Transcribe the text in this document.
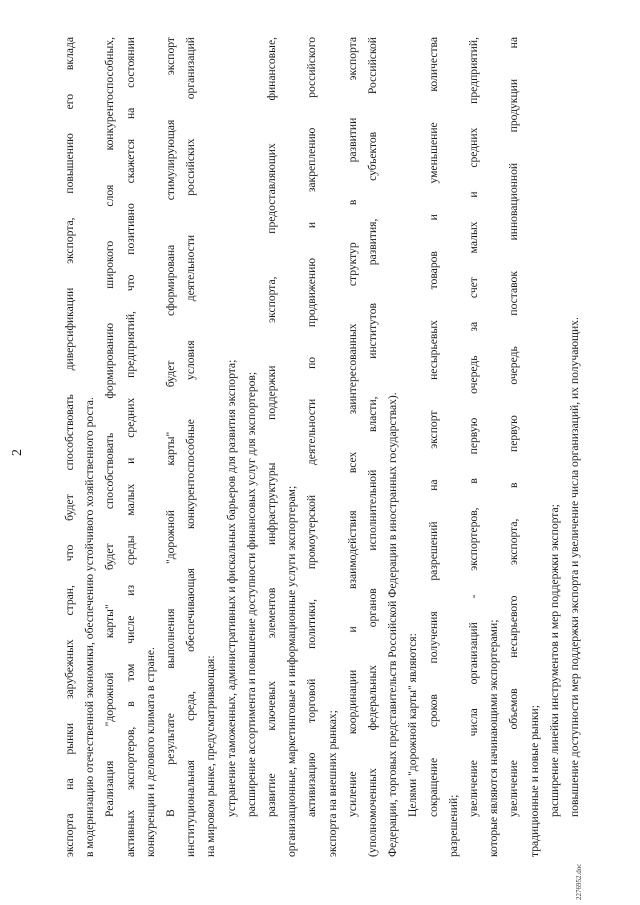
2	экспорта на рынки зарубежных стран, что будет способствовать диверсификации экспорта, повышению его вклада в модернизацию отечественной экономики, обеспечению устойчивого хозяйственного роста. Реализация "дорожной карты" будет способствовать формированию широкого слоя конкурентоспособных, активных экспортеров, в том числе из среды малых и средних предприятий, что позитивно скажется на состоянии конкуренции и делового климата в стране. В результате выполнения "дорожной карты" будет сформирована стимулирующая экспорт институциональная среда, обеспечивающая конкурентоспособные условия деятельности российских организаций на мировом рынке, предусматривающая: устранение таможенных, административных и фискальных барьеров для развития экспорта; расширение ассортимента и повышение доступности финансовых услуг для экспортеров; развитие ключевых элементов инфраструктуры поддержки экспорта, предоставляющих финансовые, организационные, маркетинговые и информационные услуги экспортерам; активизацию торговой политики, промоутерской деятельности по продвижению и закреплению российского экспорта на внешних рынках; усиление координации и взаимодействия всех заинтересованных структур в развитии экспорта (уполномоченных федеральных органов исполнительной власти, институтов развития, субъектов Российской Федерации, торговых представительств Российской Федерации в иностранных государствах). Целями "дорожной карты" являются: сокращение сроков получения разрешений на экспорт несырьевых товаров и уменьшение количества
разрешений;
увеличение числа организаций - экспортеров, в первую очередь за счет малых и средних предприятий, которые являются начинающими экспортерами; увеличение объемов несырьевого экспорта, в первую очередь поставок инновационной продукции на традиционные и новые рынки; расширение линейки инструментов и мер поддержки экспорта; повышение доступности мер поддержки экспорта и увеличение числа организаций, их получающих.
2276952.doc
